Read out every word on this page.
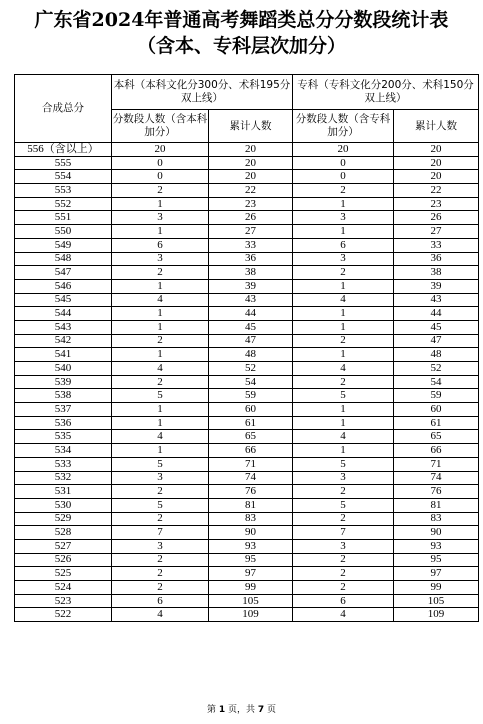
广东省2024年普通高考舞蹈类总分分数段统计表
（含本、专科层次加分）
合成总分	本科（本科文化分300分、术科195分双上线）		专科（专科文化分200分、术科150分双上线）	
	分数段人数（含本科加分）	累计人数	分数段人数（含专科加分）	累计人数
556（含以上）	20	20	20	20
555	0	20	0	20
554	0	20	0	20
553	2	22	2	22
552	1	23	1	23
551	3	26	3	26
550	1	27	1	27
549	6	33	6	33
548	3	36	3	36
547	2	38	2	38
546	1	39	1	39
545	4	43	4	43
544	1	44	1	44
543	1	45	1	45
542	2	47	2	47
541	1	48	1	48
540	4	52	4	52
539	2	54	2	54
538	5	59	5	59
537	1	60	1	60
536	1	61	1	61
535	4	65	4	65
534	1	66	1	66
533	5	71	5	71
532	3	74	3	74
531	2	76	2	76
530	5	81	5	81
529	2	83	2	83
528	7	90	7	90
527	3	93	3	93
526	2	95	2	95
525	2	97	2	97
524	2	99	2	99
523	6	105	6	105
522	4	109	4	109
第 1 页，共 7 页
